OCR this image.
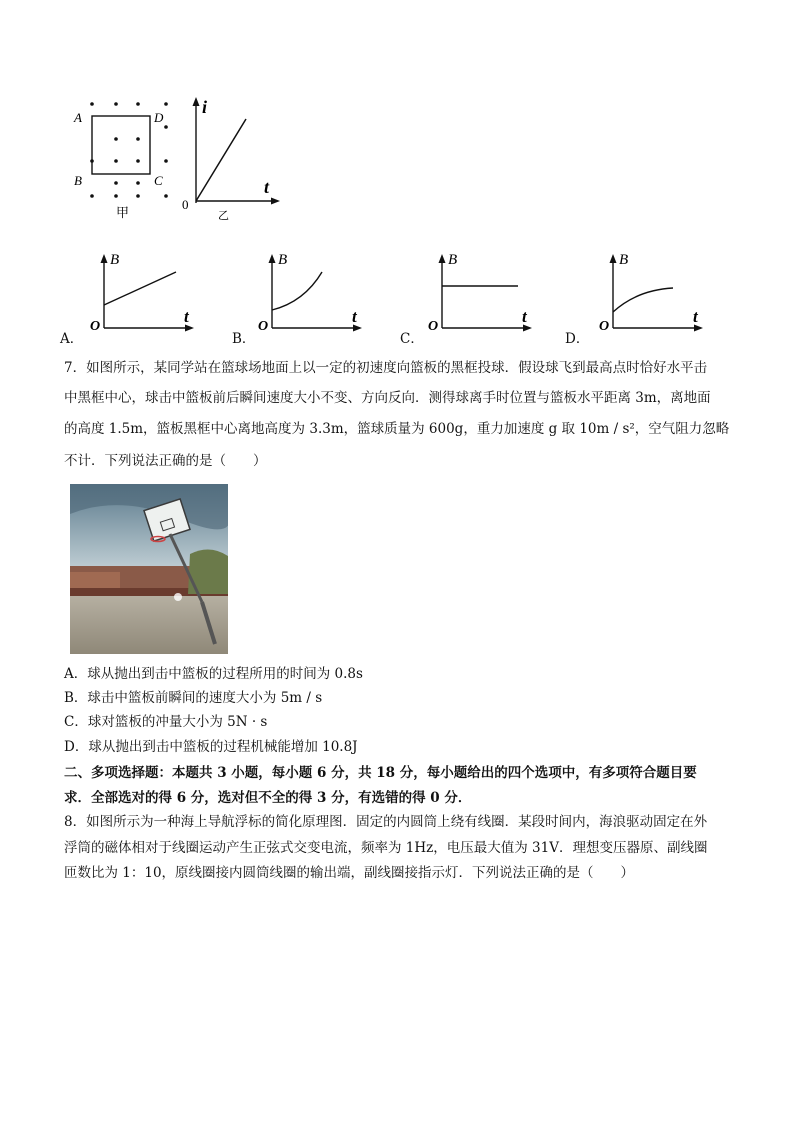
A	D
B	C
甲
i
t
0
乙
A．
B
t
O
B．
B
t
O
C．
B
t
O
D．
B
t
O
7．如图所示，某同学站在篮球场地面上以一定的初速度向篮板的黑框投球．假设球飞到最高点时恰好水平击
中黑框中心，球击中篮板前后瞬间速度大小不变、方向反向．测得球离手时位置与篮板水平距离 3m，离地面
的高度 1.5m，篮板黑框中心离地高度为 3.3m，篮球质量为 600g，重力加速度 g 取 10m / s²，空气阻力忽略
不计．下列说法正确的是（　　）
A．球从抛出到击中篮板的过程所用的时间为 0.8s
B．球击中篮板前瞬间的速度大小为 5m / s
C．球对篮板的冲量大小为 5N · s
D．球从抛出到击中篮板的过程机械能增加 10.8J
二、多项选择题：本题共 3 小题，每小题 6 分，共 18 分，每小题给出的四个选项中，有多项符合题目要
求．全部选对的得 6 分，选对但不全的得 3 分，有选错的得 0 分．
8．如图所示为一种海上导航浮标的简化原理图．固定的内圆筒上绕有线圈．某段时间内，海浪驱动固定在外
浮筒的磁体相对于线圈运动产生正弦式交变电流，频率为 1Hz，电压最大值为 31V．理想变压器原、副线圈
匝数比为 1：10，原线圈接内圆筒线圈的输出端，副线圈接指示灯．下列说法正确的是（　　）
